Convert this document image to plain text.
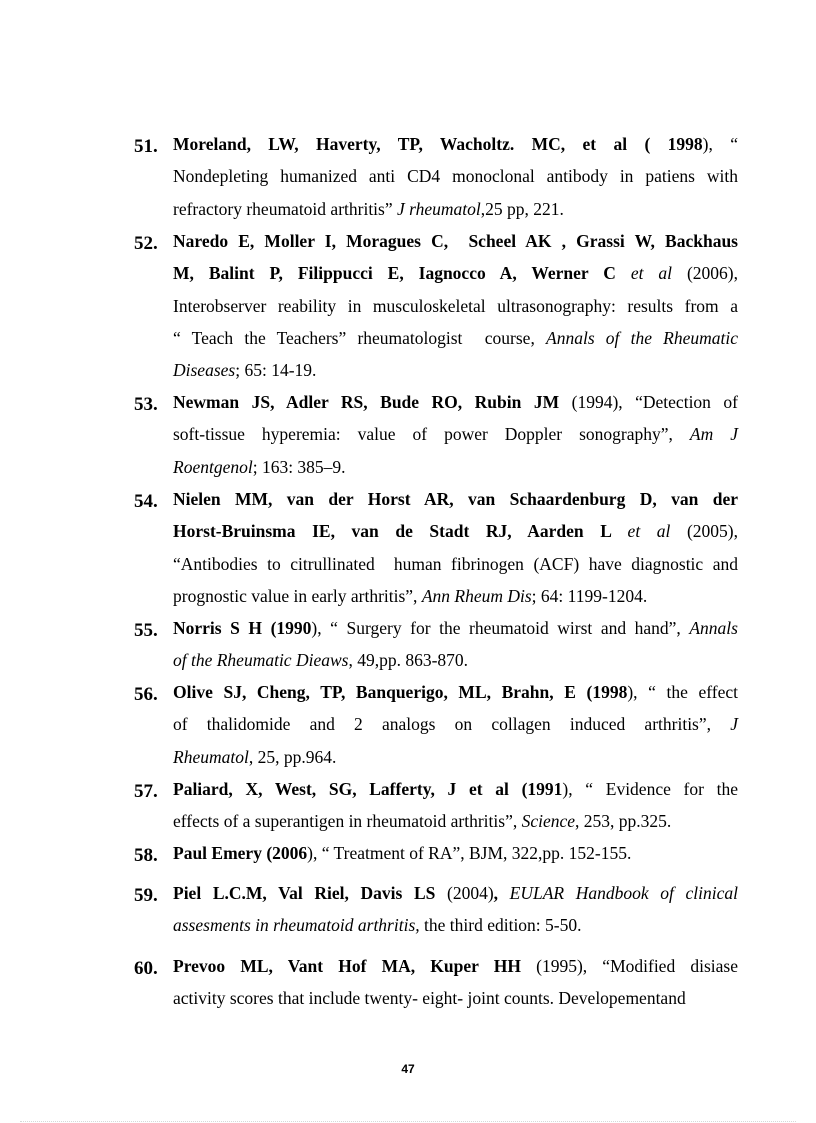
51. Moreland, LW, Haverty, TP, Wacholtz. MC, et al ( 1998), “
Nondepleting humanized anti CD4 monoclonal antibody in patiens with
refractory rheumatoid arthritis” J rheumatol,25 pp, 221.
52. Naredo E, Moller I, Moragues C,  Scheel AK , Grassi W, Backhaus
M, Balint P, Filippucci E, Iagnocco A, Werner C et al (2006),
Interobserver reability in musculoskeletal ultrasonography: results from a
“ Teach the Teachers” rheumatologist  course, Annals of the Rheumatic
Diseases; 65: 14-19.
53. Newman JS, Adler RS, Bude RO, Rubin JM (1994), “Detection of
soft-tissue hyperemia: value of power Doppler sonography”, Am J
Roentgenol; 163: 385–9.
54. Nielen MM, van der Horst AR, van Schaardenburg D, van der
Horst-Bruinsma IE, van de Stadt RJ, Aarden L et al (2005),
“Antibodies to citrullinated  human fibrinogen (ACF) have diagnostic and
prognostic value in early arthritis”, Ann Rheum Dis; 64: 1199-1204.
55. Norris S H (1990), “ Surgery for the rheumatoid wirst and hand”, Annals
of the Rheumatic Dieaws, 49,pp. 863-870.
56. Olive SJ, Cheng, TP, Banquerigo, ML, Brahn, E (1998), “ the effect
of thalidomide and 2 analogs on collagen induced arthritis”, J
Rheumatol, 25, pp.964.
57. Paliard, X, West, SG, Lafferty, J et al (1991), “ Evidence for the
effects of a superantigen in rheumatoid arthritis”, Science, 253, pp.325.
58. Paul Emery (2006), “ Treatment of RA”, BJM, 322,pp. 152-155.
59. Piel L.C.M, Val Riel, Davis LS (2004), EULAR Handbook of clinical
assesments in rheumatoid arthritis, the third edition: 5-50.
60. Prevoo ML, Vant Hof MA, Kuper HH (1995), “Modified disiase
activity scores that include twenty- eight- joint counts. Developementand
47
